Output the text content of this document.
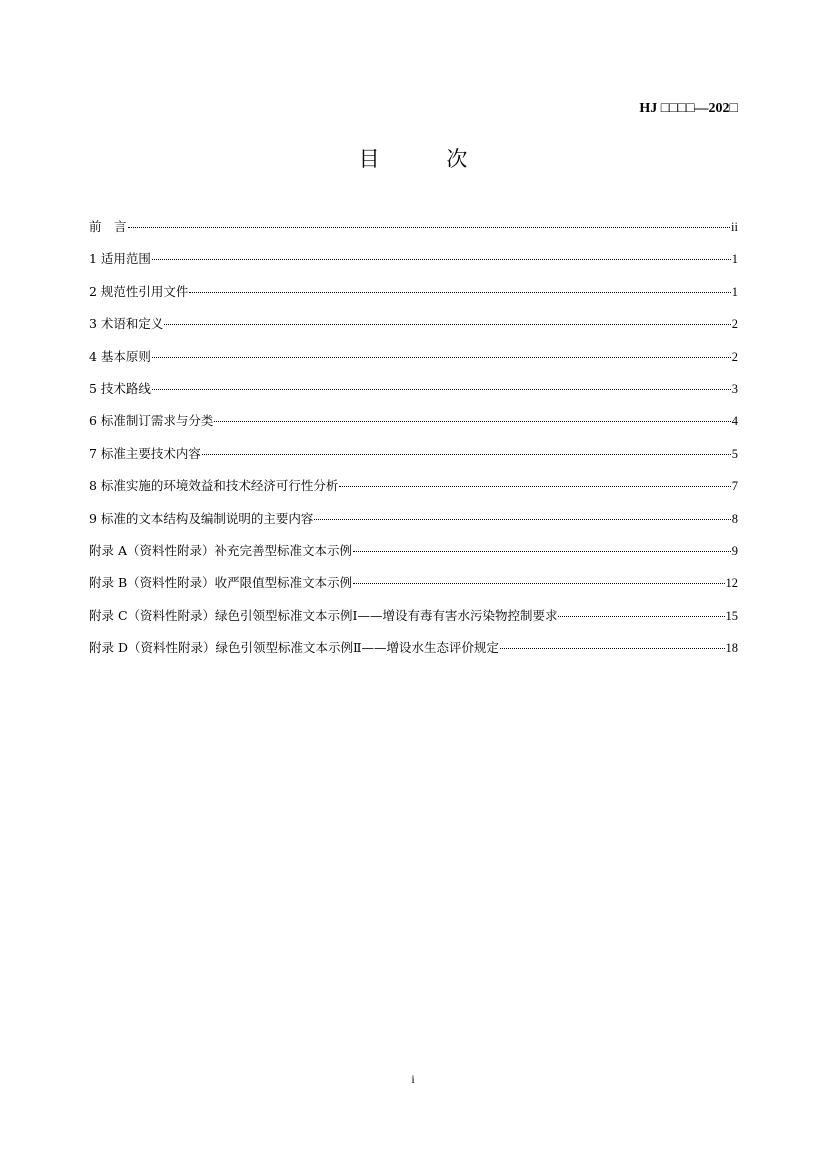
HJ □□□□—202□
目 次
前　言	ii
1 适用范围	1
2 规范性引用文件	1
3 术语和定义	2
4 基本原则	2
5 技术路线	3
6 标准制订需求与分类	4
7 标准主要技术内容	5
8 标准实施的环境效益和技术经济可行性分析	7
9 标准的文本结构及编制说明的主要内容	8
附录 A（资料性附录）补充完善型标准文本示例	9
附录 B（资料性附录）收严限值型标准文本示例	12
附录 C（资料性附录）绿色引领型标准文本示例Ⅰ——增设有毒有害水污染物控制要求	15
附录 D（资料性附录）绿色引领型标准文本示例Ⅱ——增设水生态评价规定	18
i
